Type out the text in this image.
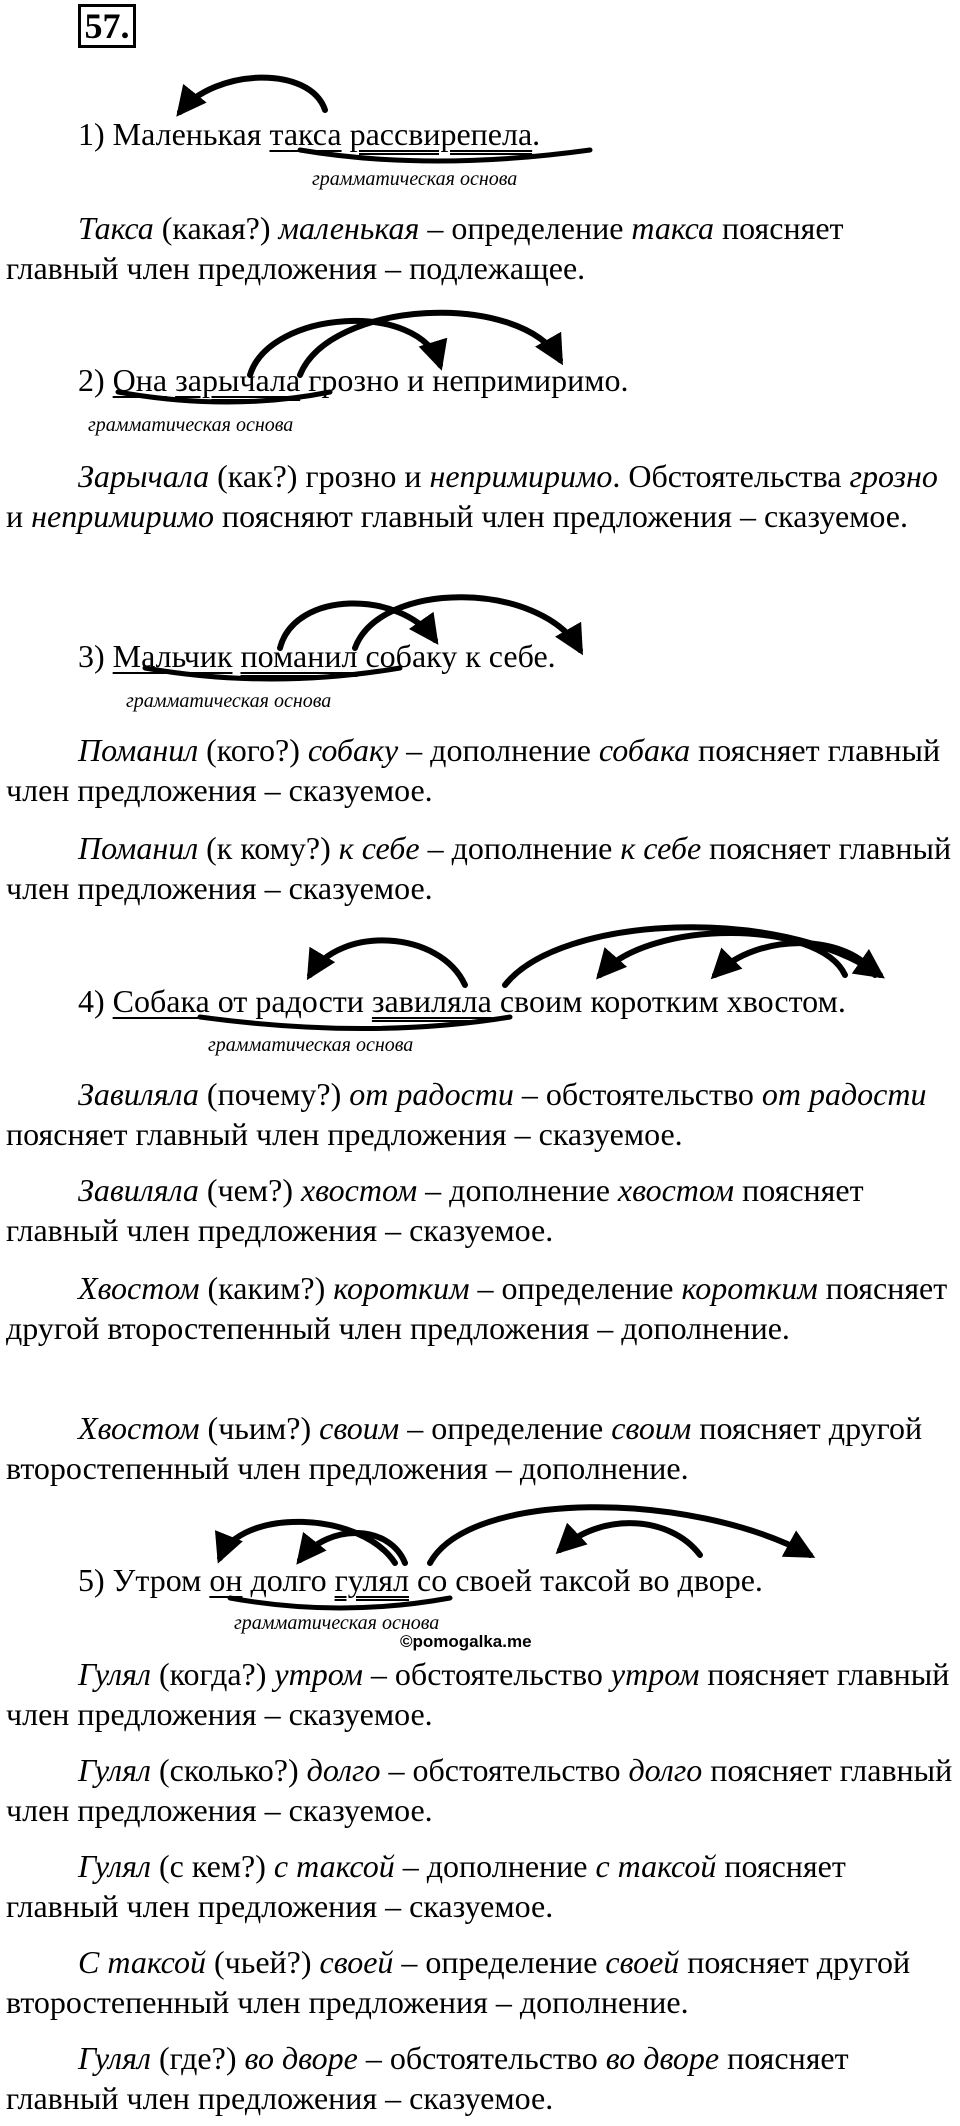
57.
1) Маленькая такса рассвирепела.
грамматическая основа

Такса (какая?) маленькая – определение такса поясняет главный член предложения – подлежащее.

2) Она зарычала грозно и непримиримо.
грамматическая основа

Зарычала (как?) грозно и непримиримо. Обстоятельства грозно и непримиримо поясняют главный член предложения – сказуемое.

3) Мальчик поманил собаку к себе.
грамматическая основа

Поманил (кого?) собаку – дополнение собака поясняет главный член предложения – сказуемое.

Поманил (к кому?) к себе – дополнение к себе поясняет главный член предложения – сказуемое.

4) Собака от радости завиляла своим коротким хвостом.
грамматическая основа

Завиляла (почему?) от радости – обстоятельство от радости поясняет главный член предложения – сказуемое.

Завиляла (чем?) хвостом – дополнение хвостом поясняет главный член предложения – сказуемое.

Хвостом (каким?) коротким – определение коротким поясняет другой второстепенный член предложения – дополнение.

Хвостом (чьим?) своим – определение своим поясняет другой второстепенный член предложения – дополнение.

5) Утром он долго гулял со своей таксой во дворе.
грамматическая основа
©pomogalka.me

Гулял (когда?) утром – обстоятельство утром поясняет главный член предложения – сказуемое.

Гулял (сколько?) долго – обстоятельство долго поясняет главный член предложения – сказуемое.

Гулял (с кем?) с таксой – дополнение с таксой поясняет главный член предложения – сказуемое.

С таксой (чьей?) своей – определение своей поясняет другой второстепенный член предложения – дополнение.

Гулял (где?) во дворе – обстоятельство во дворе поясняет главный член предложения – сказуемое.
